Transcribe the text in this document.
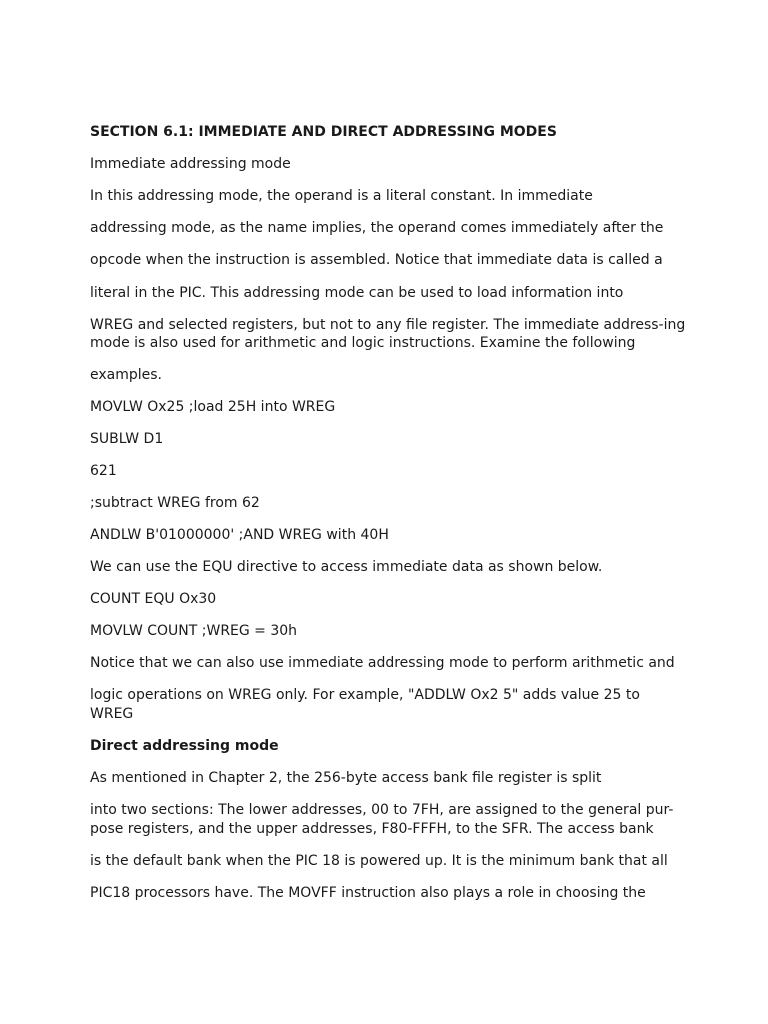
SECTION 6.1: IMMEDIATE AND DIRECT ADDRESSING MODES
Immediate addressing mode
In this addressing mode, the operand is a literal constant. In immediate
addressing mode, as the name implies, the operand comes immediately after the
opcode when the instruction is assembled. Notice that immediate data is called a
literal in the PIC. This addressing mode can be used to load information into
WREG and selected registers, but not to any file register. The immediate address-ing
mode is also used for arithmetic and logic instructions. Examine the following
examples.
MOVLW Ox25 ;load 25H into WREG
SUBLW D1
621
;subtract WREG from 62
ANDLW B'01000000' ;AND WREG with 40H
We can use the EQU directive to access immediate data as shown below.
COUNT EQU Ox30
MOVLW COUNT ;WREG = 30h
Notice that we can also use immediate addressing mode to perform arithmetic and
logic operations on WREG only. For example, "ADDLW Ox2 5" adds value 25 to
WREG
Direct addressing mode
As mentioned in Chapter 2, the 256-byte access bank file register is split
into two sections: The lower addresses, 00 to 7FH, are assigned to the general pur-
pose registers, and the upper addresses, F80-FFFH, to the SFR. The access bank
is the default bank when the PIC 18 is powered up. It is the minimum bank that all
PIC18 processors have. The MOVFF instruction also plays a role in choosing the
